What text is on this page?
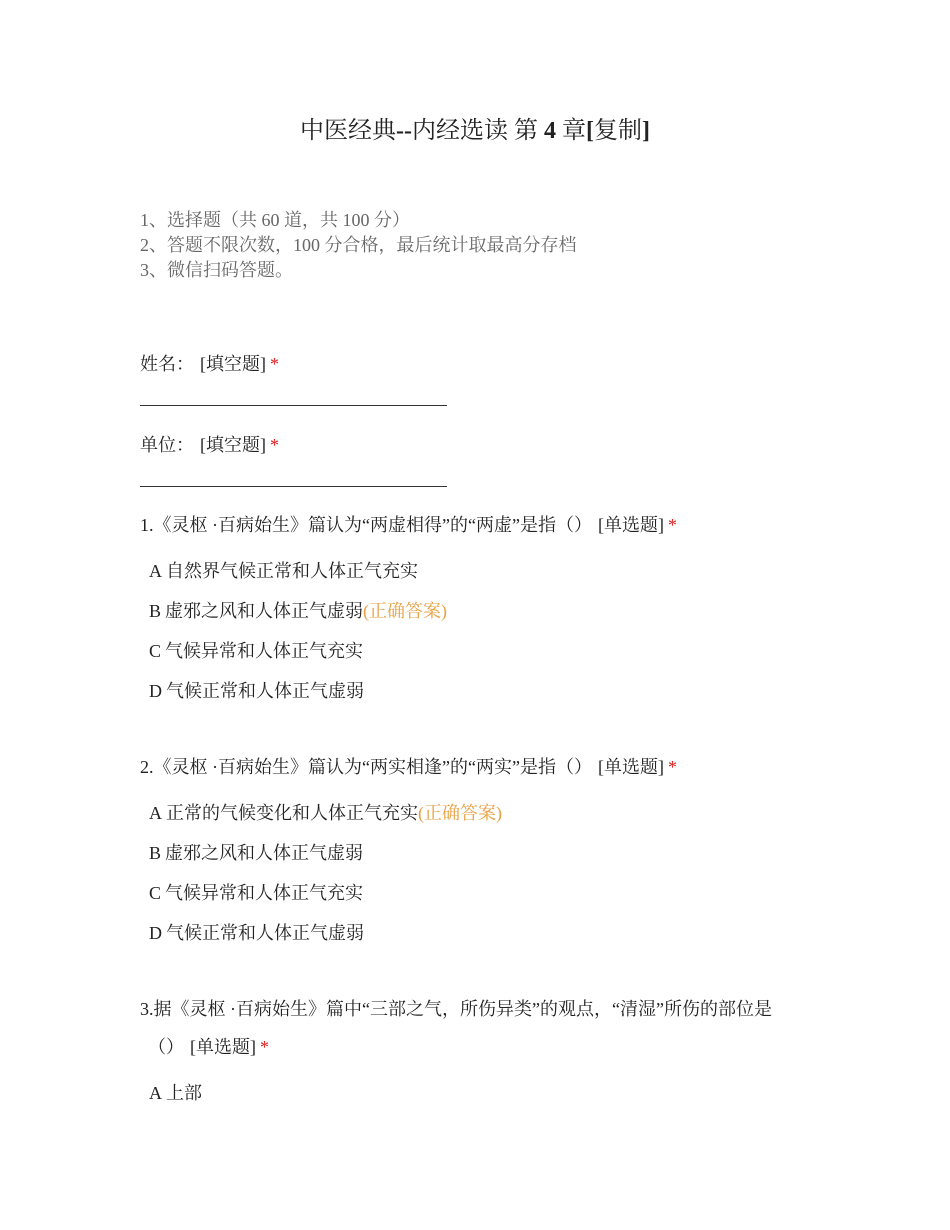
中医经典--内经选读 第 4 章[复制]
1、选择题（共 60 道，共 100 分）
2、答题不限次数，100 分合格，最后统计取最高分存档
3、微信扫码答题。
姓名： [填空题] *
单位： [填空题] *
1.《灵枢 ·百病始生》篇认为“两虚相得”的“两虚”是指（） [单选题] *
A 自然界气候正常和人体正气充实
B 虚邪之风和人体正气虚弱(正确答案)
C 气候异常和人体正气充实
D 气候正常和人体正气虚弱
2.《灵枢 ·百病始生》篇认为“两实相逢”的“两实”是指（） [单选题] *
A 正常的气候变化和人体正气充实(正确答案)
B 虚邪之风和人体正气虚弱
C 气候异常和人体正气充实
D 气候正常和人体正气虚弱
3.据《灵枢 ·百病始生》篇中“三部之气，所伤异类”的观点，“清湿”所伤的部位是
（） [单选题] *
A 上部
